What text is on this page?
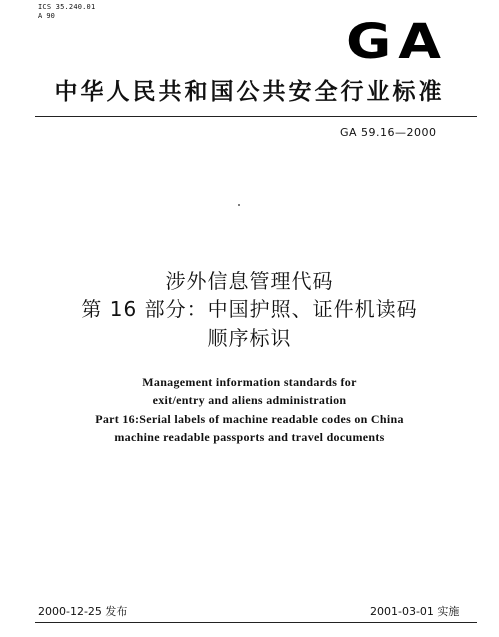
ICS 35.240.01
A 90	GA
中华人民共和国公共安全行业标准
GA 59.16—2000
涉外信息管理代码
第 16 部分：中国护照、证件机读码
顺序标识
Management information standards for
exit/entry and aliens administration
Part 16:Serial labels of machine readable codes on China
machine readable passports and travel documents
2000-12-25 发布	2001-03-01 实施
